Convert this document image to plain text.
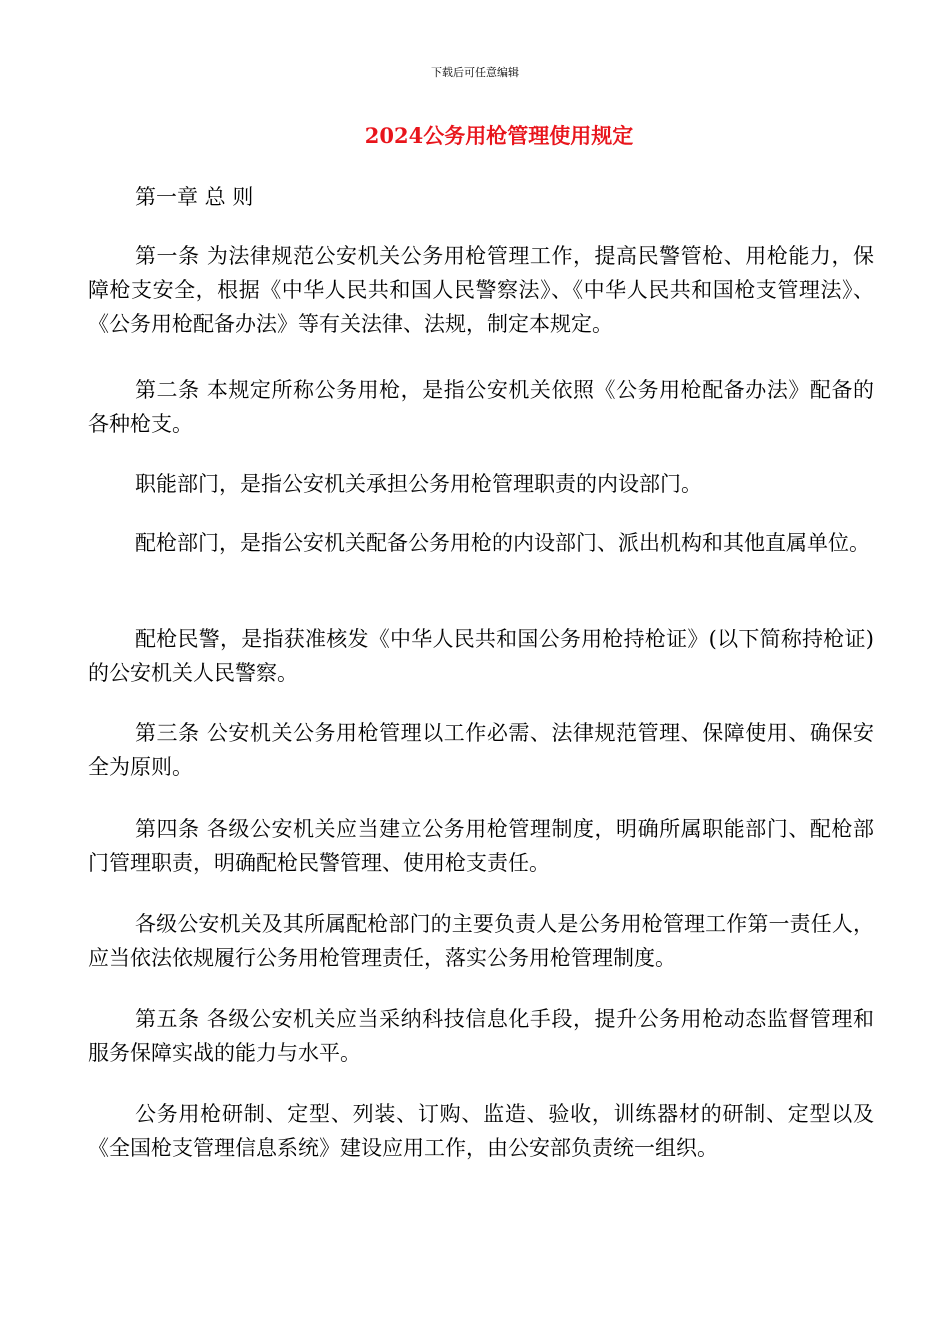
下载后可任意编辑
2024公务用枪管理使用规定

第一章 总 则

第一条 为法律规范公安机关公务用枪管理工作，提高民警管枪、用枪能力，保障枪支安全，根据《中华人民共和国人民警察法》、《中华人民共和国枪支管理法》、《公务用枪配备办法》等有关法律、法规，制定本规定。

第二条 本规定所称公务用枪，是指公安机关依照《公务用枪配备办法》配备的各种枪支。

职能部门，是指公安机关承担公务用枪管理职责的内设部门。

配枪部门，是指公安机关配备公务用枪的内设部门、派出机构和其他直属单位。

配枪民警，是指获准核发《中华人民共和国公务用枪持枪证》(以下简称持枪证)的公安机关人民警察。

第三条 公安机关公务用枪管理以工作必需、法律规范管理、保障使用、确保安全为原则。

第四条 各级公安机关应当建立公务用枪管理制度，明确所属职能部门、配枪部门管理职责，明确配枪民警管理、使用枪支责任。

各级公安机关及其所属配枪部门的主要负责人是公务用枪管理工作第一责任人，应当依法依规履行公务用枪管理责任，落实公务用枪管理制度。

第五条 各级公安机关应当采纳科技信息化手段，提升公务用枪动态监督管理和服务保障实战的能力与水平。

公务用枪研制、定型、列装、订购、监造、验收，训练器材的研制、定型以及《全国枪支管理信息系统》建设应用工作，由公安部负责统一组织。
